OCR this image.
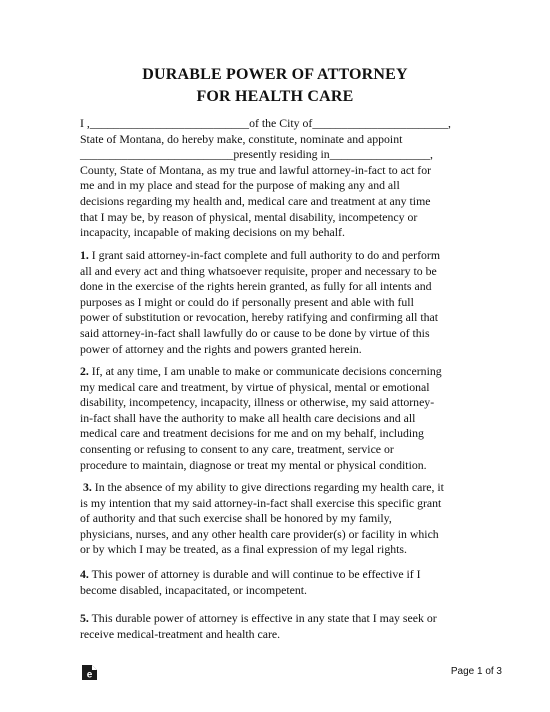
DURABLE POWER OF ATTORNEY
FOR HEALTH CARE
I ,___________________________of the City of_______________________,
State of Montana, do hereby make, constitute, nominate and appoint
__________________________presently residing in_________________,
County, State of Montana, as my true and lawful attorney-in-fact to act for
me and in my place and stead for the purpose of making any and all
decisions regarding my health and, medical care and treatment at any time
that I may be, by reason of physical, mental disability, incompetency or
incapacity, incapable of making decisions on my behalf.
1. I grant said attorney-in-fact complete and full authority to do and perform
all and every act and thing whatsoever requisite, proper and necessary to be
done in the exercise of the rights herein granted, as fully for all intents and
purposes as I might or could do if personally present and able with full
power of substitution or revocation, hereby ratifying and confirming all that
said attorney-in-fact shall lawfully do or cause to be done by virtue of this
power of attorney and the rights and powers granted herein.
2. If, at any time, I am unable to make or communicate decisions concerning
my medical care and treatment, by virtue of physical, mental or emotional
disability, incompetency, incapacity, illness or otherwise, my said attorney-
in-fact shall have the authority to make all health care decisions and all
medical care and treatment decisions for me and on my behalf, including
consenting or refusing to consent to any care, treatment, service or
procedure to maintain, diagnose or treat my mental or physical condition.
3. In the absence of my ability to give directions regarding my health care, it
is my intention that my said attorney-in-fact shall exercise this specific grant
of authority and that such exercise shall be honored by my family,
physicians, nurses, and any other health care provider(s) or facility in which
or by which I may be treated, as a final expression of my legal rights.
4. This power of attorney is durable and will continue to be effective if I
become disabled, incapacitated, or incompetent.
5. This durable power of attorney is effective in any state that I may seek or
receive medical-treatment and health care.
e	Page 1 of 3
